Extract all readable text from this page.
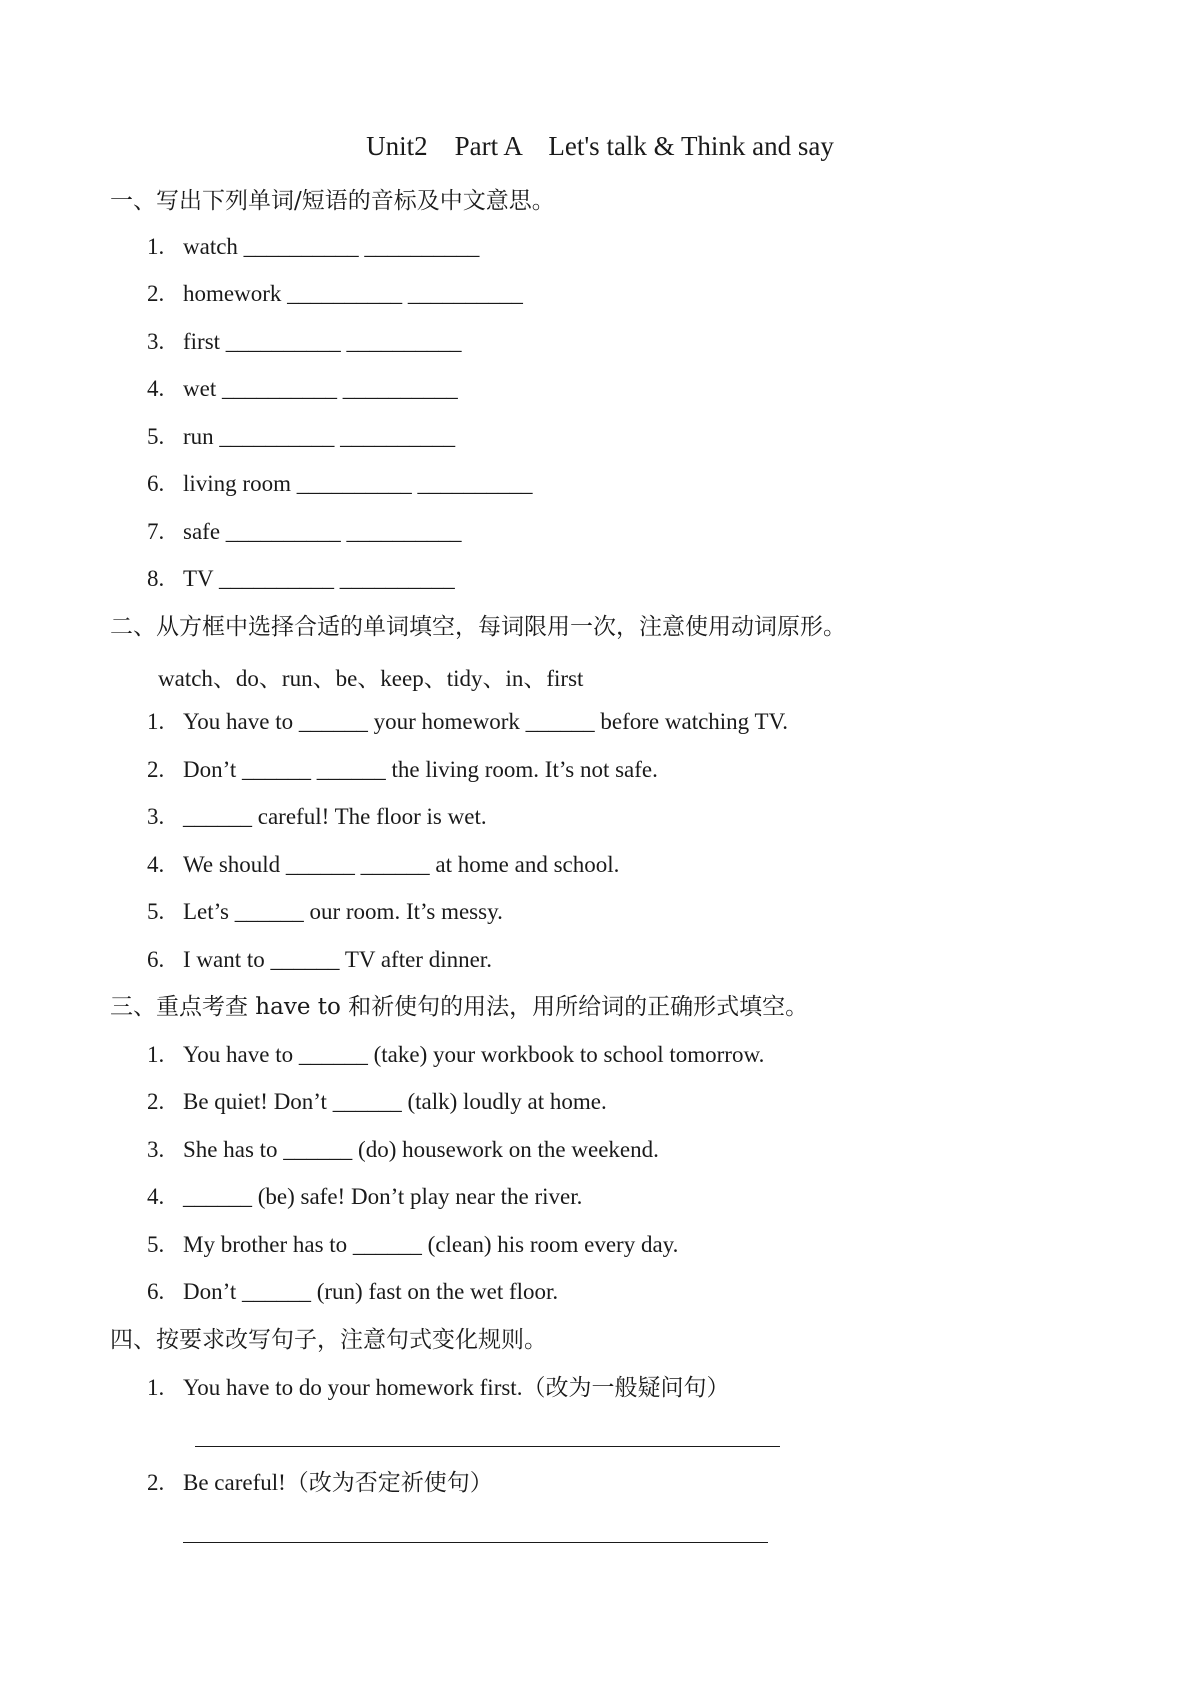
Unit2    Part A    Let's talk & Think and say
一、写出下列单词/短语的音标及中文意思。
1. watch __________ __________
2. homework __________ __________
3. first __________ __________
4. wet __________ __________
5. run __________ __________
6. living room __________ __________
7. safe __________ __________
8. TV __________ __________
二、从方框中选择合适的单词填空，每词限用一次，注意使用动词原形。
watch、do、run、be、keep、tidy、in、first
1. You have to ______ your homework ______ before watching TV.
2. Don’t ______ ______ the living room. It’s not safe.
3. ______ careful! The floor is wet.
4. We should ______ ______ at home and school.
5. Let’s ______ our room. It’s messy.
6. I want to ______ TV after dinner.
三、重点考查 have to 和祈使句的用法，用所给词的正确形式填空。
1. You have to ______ (take) your workbook to school tomorrow.
2. Be quiet! Don’t ______ (talk) loudly at home.
3. She has to ______ (do) housework on the weekend.
4. ______ (be) safe! Don’t play near the river.
5. My brother has to ______ (clean) his room every day.
6. Don’t ______ (run) fast on the wet floor.
四、按要求改写句子，注意句式变化规则。
1. You have to do your homework first.（改为一般疑问句）
2. Be careful!（改为否定祈使句）
